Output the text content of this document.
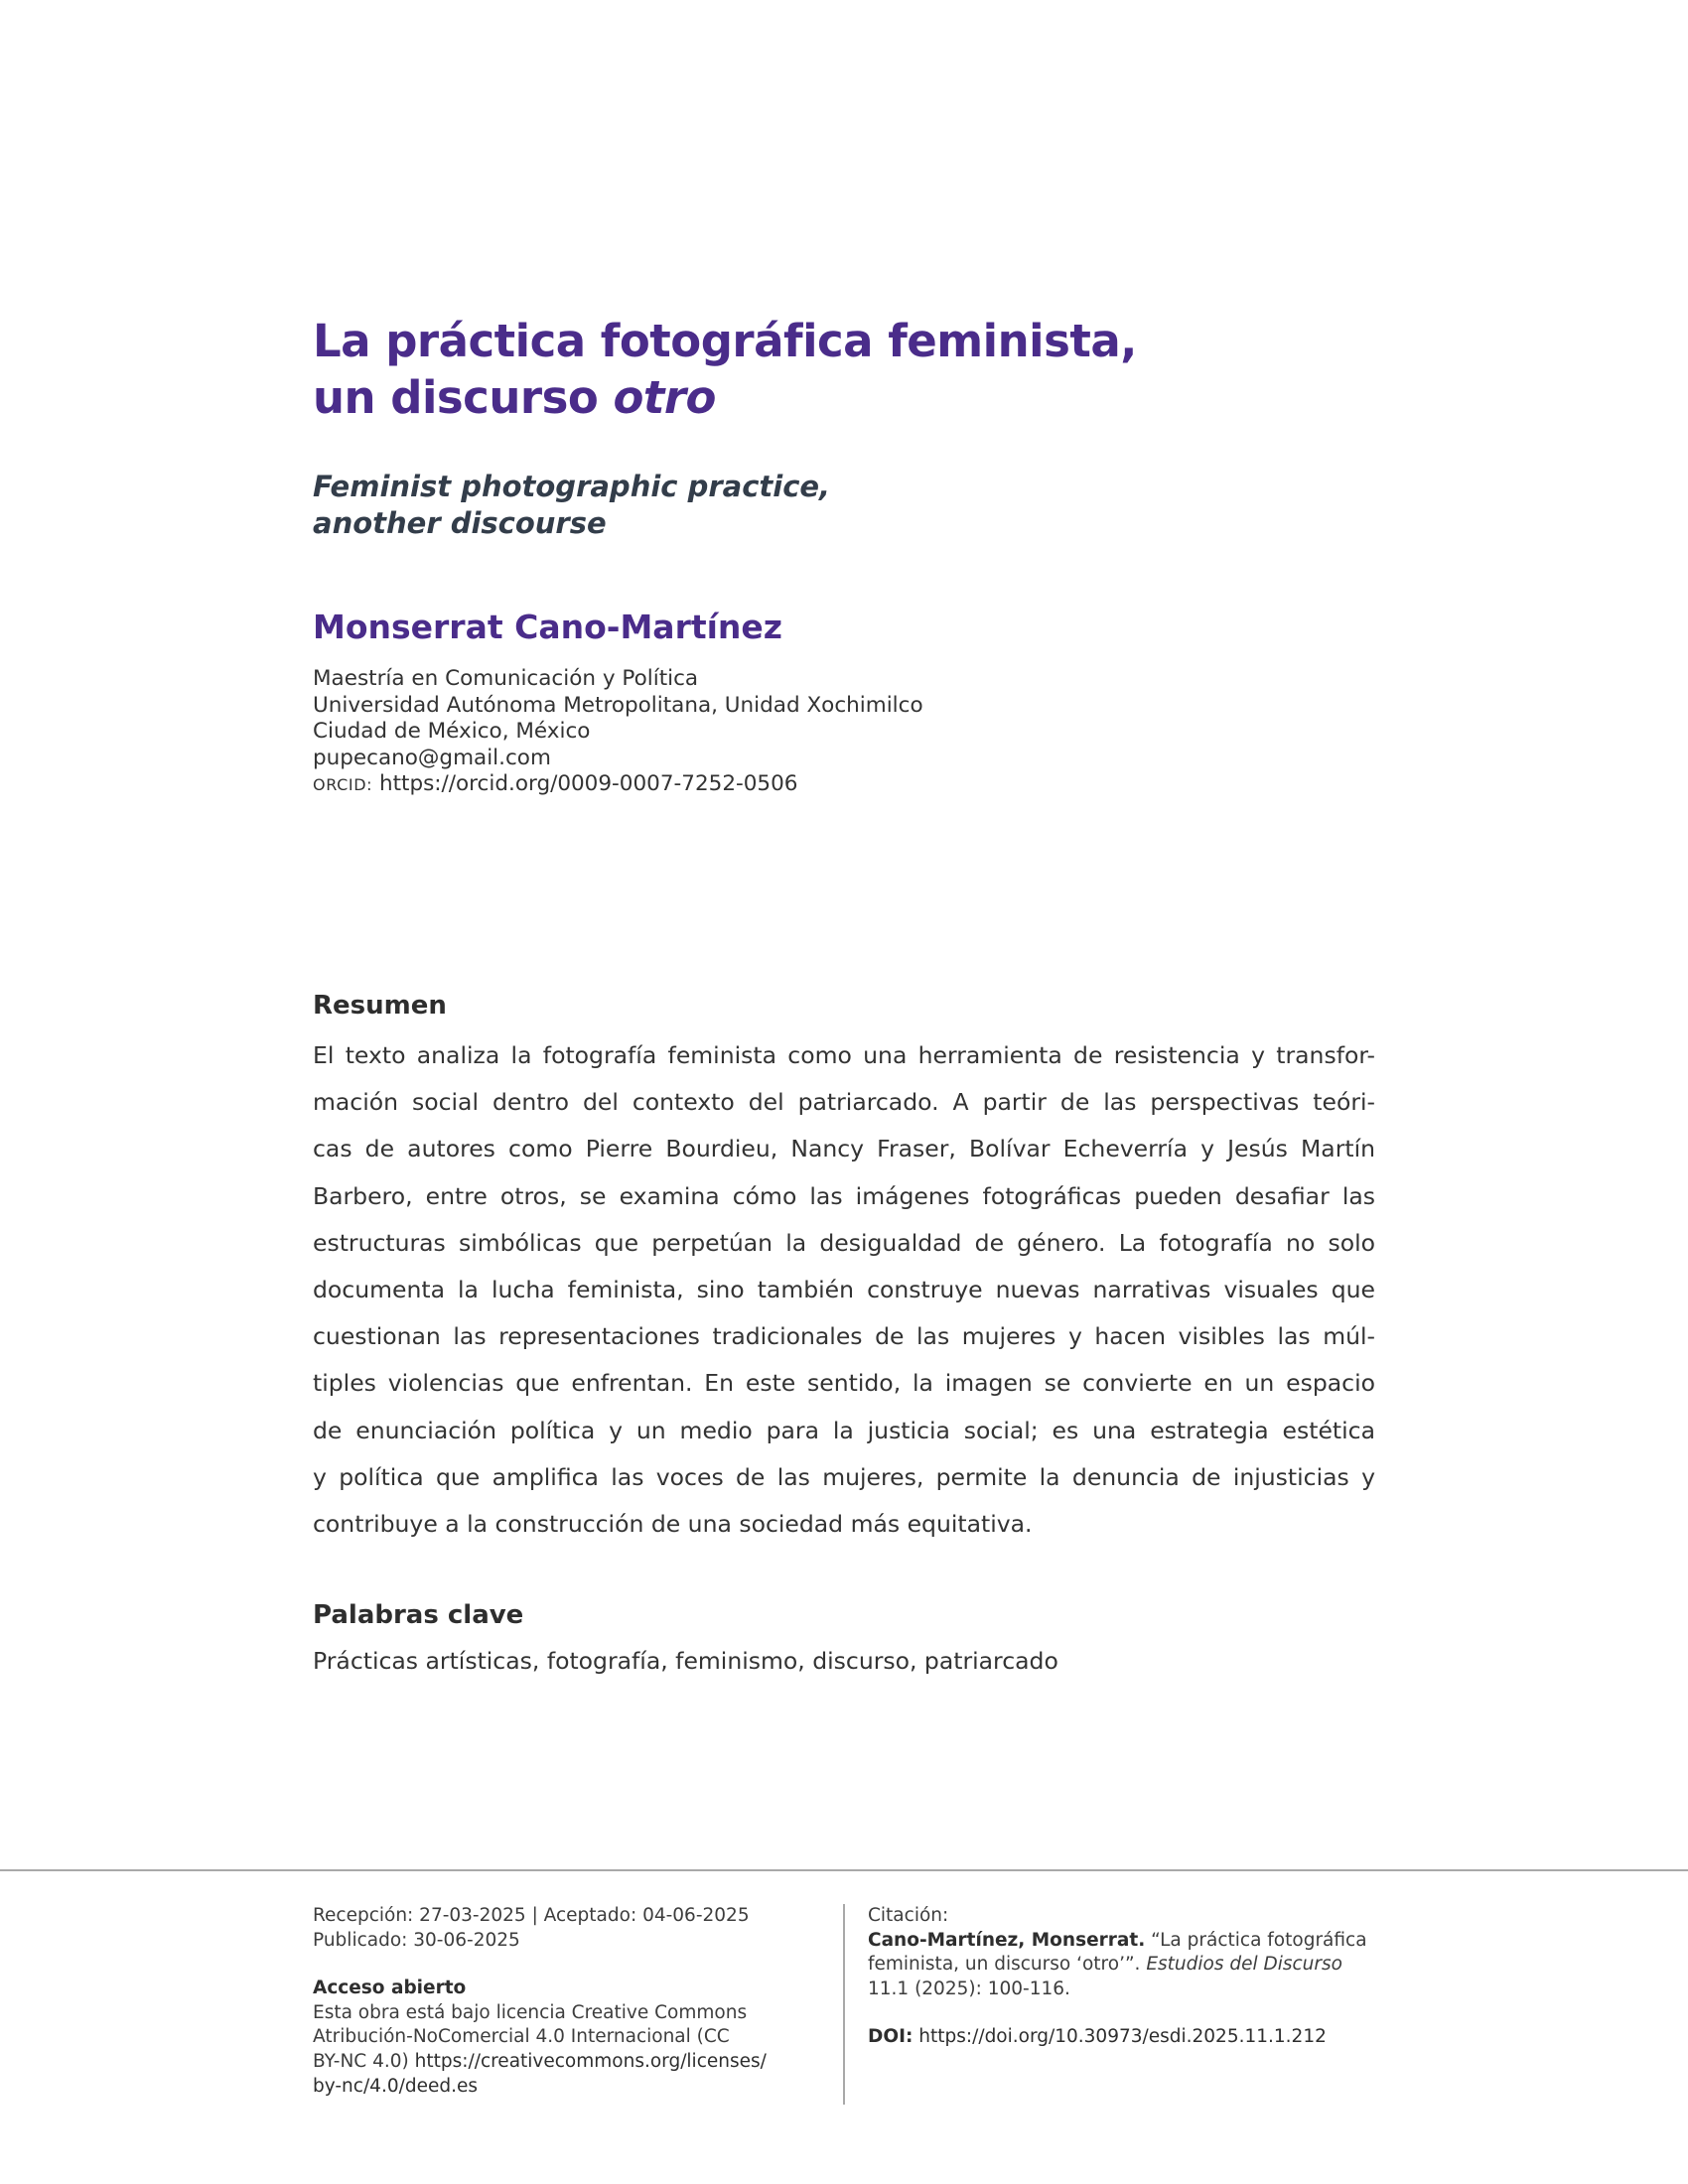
La práctica fotográfica feminista,
un discurso otro
Feminist photographic practice,
another discourse
Monserrat Cano-Martínez
Maestría en Comunicación y Política
Universidad Autónoma Metropolitana, Unidad Xochimilco
Ciudad de México, México
pupecano@gmail.com
ORCID: https://orcid.org/0009-0007-7252-0506
Resumen
El texto analiza la fotografía feminista como una herramienta de resistencia y transfor-
mación social dentro del contexto del patriarcado. A partir de las perspectivas teóri-
cas de autores como Pierre Bourdieu, Nancy Fraser, Bolívar Echeverría y Jesús Martín
Barbero, entre otros, se examina cómo las imágenes fotográficas pueden desafiar las
estructuras simbólicas que perpetúan la desigualdad de género. La fotografía no solo
documenta la lucha feminista, sino también construye nuevas narrativas visuales que
cuestionan las representaciones tradicionales de las mujeres y hacen visibles las múl-
tiples violencias que enfrentan. En este sentido, la imagen se convierte en un espacio
de enunciación política y un medio para la justicia social; es una estrategia estética
y política que amplifica las voces de las mujeres, permite la denuncia de injusticias y
contribuye a la construcción de una sociedad más equitativa.
Palabras clave
Prácticas artísticas, fotografía, feminismo, discurso, patriarcado
Recepción: 27-03-2025 | Aceptado: 04-06-2025
Publicado: 30-06-2025
Acceso abierto
Esta obra está bajo licencia Creative Commons
Atribución-NoComercial 4.0 Internacional (CC
BY-NC 4.0) https://creativecommons.org/licenses/
by-nc/4.0/deed.es
Citación:
Cano-Martínez, Monserrat. “La práctica fotográfica
feminista, un discurso ‘otro’”. Estudios del Discurso
11.1 (2025): 100-116.
DOI: https://doi.org/10.30973/esdi.2025.11.1.212
